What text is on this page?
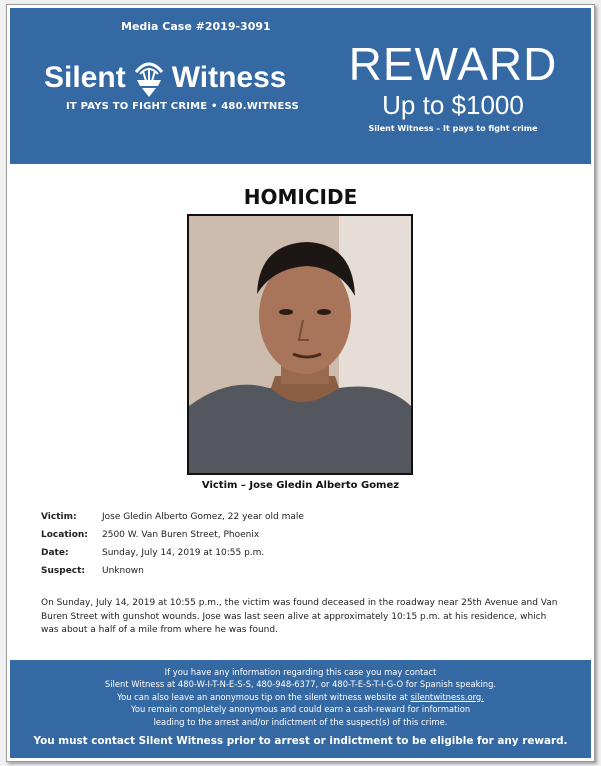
Media Case #2019-3091
Silent Witness
IT PAYS TO FIGHT CRIME • 480.WITNESS
REWARD
Up to $1000
Silent Witness – It pays to fight crime
HOMICIDE
Victim – Jose Gledin Alberto Gomez
Victim:	Jose Gledin Alberto Gomez, 22 year old male
Location:	2500 W. Van Buren Street, Phoenix
Date:	Sunday, July 14, 2019 at 10:55 p.m.
Suspect:	Unknown
On Sunday, July 14, 2019 at 10:55 p.m., the victim was found deceased in the roadway near 25th Avenue and Van Buren Street with gunshot wounds. Jose was last seen alive at approximately 10:15 p.m. at his residence, which was about a half of a mile from where he was found.
If you have any information regarding this case you may contact
Silent Witness at 480-W-I-T-N-E-S-S, 480-948-6377, or 480-T-E-S-T-I-G-O for Spanish speaking.
You can also leave an anonymous tip on the silent witness website at silentwitness.org.
You remain completely anonymous and could earn a cash-reward for information
leading to the arrest and/or indictment of the suspect(s) of this crime.
You must contact Silent Witness prior to arrest or indictment to be eligible for any reward.
